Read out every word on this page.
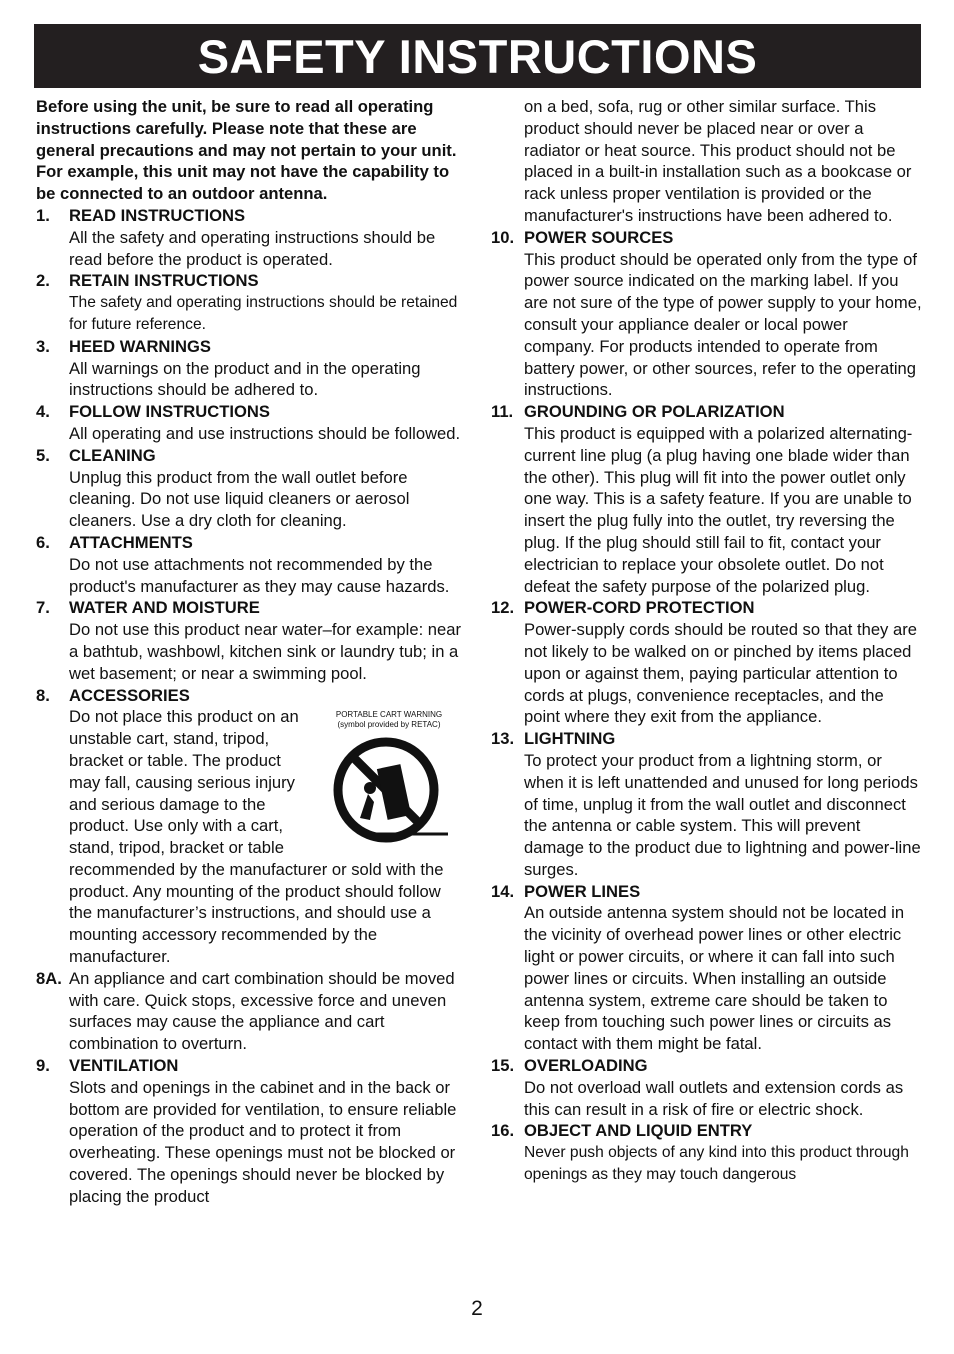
SAFETY INSTRUCTIONS
Before using the unit, be sure to read all operating instructions carefully. Please note that these are general precautions and may not pertain to your unit. For example, this unit may not have the capability to be connected to an outdoor antenna.
1. READ INSTRUCTIONS
All the safety and operating instructions should be read before the product is operated.
2. RETAIN INSTRUCTIONS
The safety and operating instructions should be retained for future reference.
3. HEED WARNINGS
All warnings on the product and in the operating instructions should be adhered to.
4. FOLLOW INSTRUCTIONS
All operating and use instructions should be followed.
5. CLEANING
Unplug this product from the wall outlet before cleaning. Do not use liquid cleaners or aerosol cleaners. Use a dry cloth for cleaning.
6. ATTACHMENTS
Do not use attachments not recommended by the product's manufacturer as they may cause hazards.
7. WATER AND MOISTURE
Do not use this product near water–for example: near a bathtub, washbowl, kitchen sink or laundry tub; in a wet basement; or near a swimming pool.
8. ACCESSORIES
PORTABLE CART WARNING
(symbol provided by RETAC)
Do not place this product on an unstable cart, stand, tripod, bracket or table. The product may fall, causing serious injury and serious damage to the product. Use only with a cart, stand, tripod, bracket or table recommended by the manufacturer or sold with the product. Any mounting of the product should follow the manufacturer’s instructions, and should use a mounting accessory recommended by the manufacturer.
8A. An appliance and cart combination should be moved with care. Quick stops, excessive force and uneven surfaces may cause the appliance and cart combination to overturn.
9. VENTILATION
Slots and openings in the cabinet and in the back or bottom are provided for ventilation, to ensure reliable operation of the product and to protect it from overheating. These openings must not be blocked or covered. The openings should never be blocked by placing the product
on a bed, sofa, rug or other similar surface. This product should never be placed near or over a radiator or heat source. This product should not be placed in a built-in installation such as a bookcase or rack unless proper ventilation is provided or the manufacturer's instructions have been adhered to.
10. POWER SOURCES
This product should be operated only from the type of power source indicated on the marking label. If you are not sure of the type of power supply to your home, consult your appliance dealer or local power company. For products intended to operate from battery power, or other sources, refer to the operating instructions.
11. GROUNDING OR POLARIZATION
This product is equipped with a polarized alternating-current line plug (a plug having one blade wider than the other). This plug will fit into the power outlet only one way. This is a safety feature. If you are unable to insert the plug fully into the outlet, try reversing the plug. If the plug should still fail to fit, contact your electrician to replace your obsolete outlet. Do not defeat the safety purpose of the polarized plug.
12. POWER-CORD PROTECTION
Power-supply cords should be routed so that they are not likely to be walked on or pinched by items placed upon or against them, paying particular attention to cords at plugs, convenience receptacles, and the point where they exit from the appliance.
13. LIGHTNING
To protect your product from a lightning storm, or when it is left unattended and unused for long periods of time, unplug it from the wall outlet and disconnect the antenna or cable system. This will prevent damage to the product due to lightning and power-line surges.
14. POWER LINES
An outside antenna system should not be located in the vicinity of overhead power lines or other electric light or power circuits, or where it can fall into such power lines or circuits. When installing an outside antenna system, extreme care should be taken to keep from touching such power lines or circuits as contact with them might be fatal.
15. OVERLOADING
Do not overload wall outlets and extension cords as this can result in a risk of fire or electric shock.
16. OBJECT AND LIQUID ENTRY
Never push objects of any kind into this product through openings as they may touch dangerous
2
